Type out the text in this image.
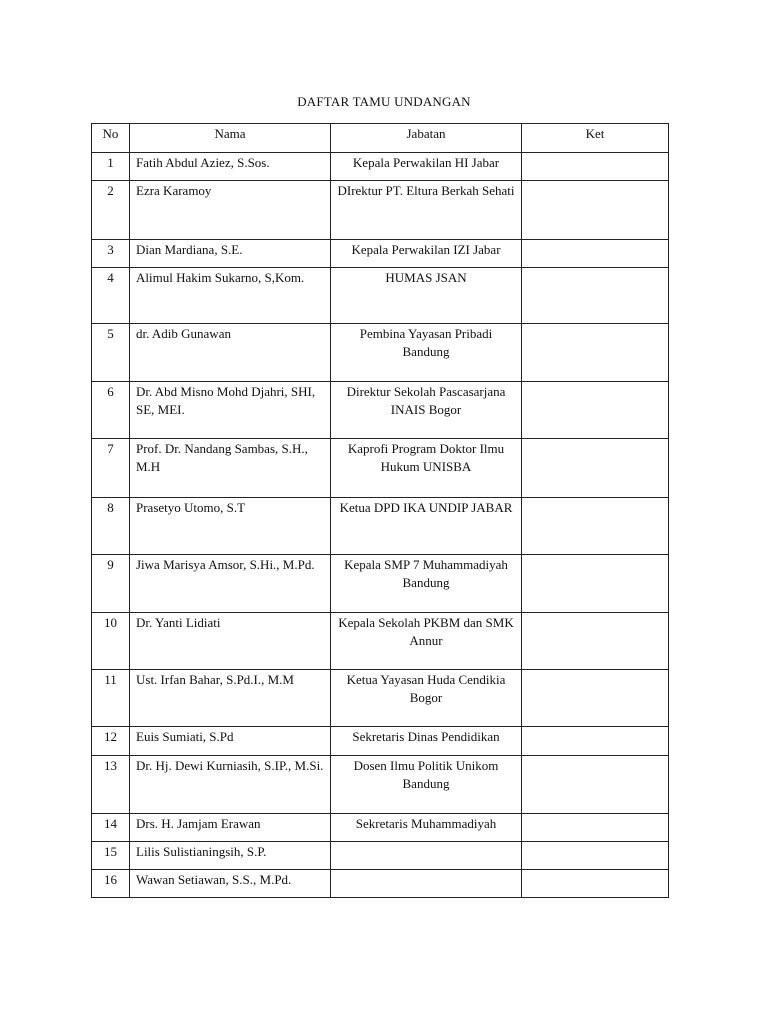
DAFTAR TAMU UNDANGAN
No	Nama	Jabatan	Ket

1	Fatih Abdul Aziez, S.Sos.	Kepala Perwakilan HI Jabar	

2	Ezra Karamoy	DIrektur PT. Eltura Berkah Sehati	

3	Dian Mardiana, S.E.	Kepala Perwakilan IZI Jabar	

4	Alimul Hakim Sukarno, S,Kom.	HUMAS JSAN	

5	dr. Adib Gunawan	Pembina Yayasan Pribadi Bandung	

6	Dr. Abd Misno Mohd Djahri, SHI, SE, MEI.	Direktur Sekolah Pascasarjana INAIS Bogor	

7	Prof. Dr. Nandang Sambas, S.H., M.H	Kaprofi Program Doktor Ilmu Hukum UNISBA	

8	Prasetyo Utomo, S.T	Ketua DPD IKA UNDIP JABAR	

9	Jiwa Marisya Amsor, S.Hi., M.Pd.	Kepala SMP 7 Muhammadiyah Bandung	

10	Dr. Yanti Lidiati	Kepala Sekolah PKBM dan SMK Annur	

11	Ust. Irfan Bahar, S.Pd.I., M.M	Ketua Yayasan Huda Cendikia Bogor	

12	Euis Sumiati, S.Pd	Sekretaris Dinas Pendidikan	

13	Dr. Hj. Dewi Kurniasih, S.IP., M.Si.	Dosen Ilmu Politik Unikom Bandung	

14	Drs. H. Jamjam Erawan	Sekretaris Muhammadiyah	

15	Lilis Sulistianingsih, S.P.		

16	Wawan Setiawan, S.S., M.Pd.		
